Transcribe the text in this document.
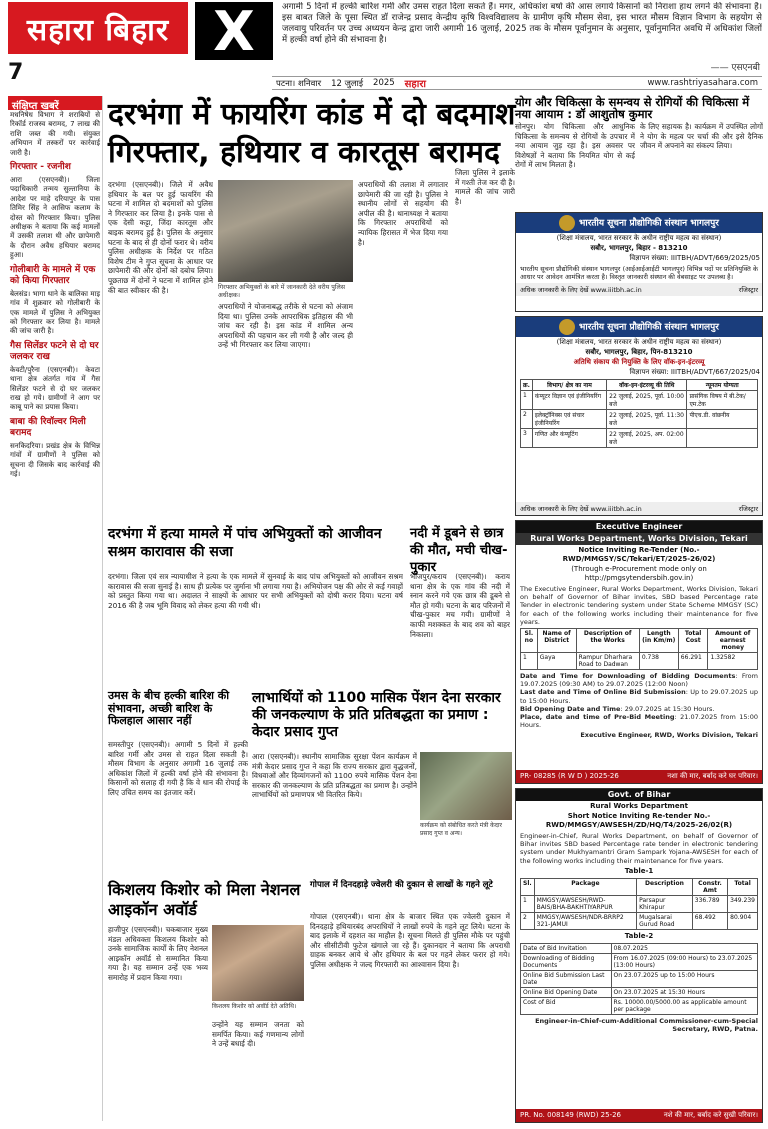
सहारा बिहार
7
X	अगामी 5 दिनों में हल्की बारिश गर्मी और उमस राहत दिला सकते हैं। मगर, अधिकांश बर्षा की आस लगाये किसानों को निराशा हाथ लगने की संभावना है। इस बाबत जिले के पूसा स्थित डॉ राजेन्द्र प्रसाद केन्द्रीय कृषि विश्वविद्यालय के ग्रामीण कृषि मौसम सेवा, इस भारत मौसम विज्ञान विभाग के सहयोग से जलवायु परिवर्तन पर उच्च अध्ययन केन्द्र द्वारा जारी अगामी 16 जुलाई, 2025 तक के मौसम पूर्वानुमान के अनुसार, पूर्वानुमानित अवधि में अधिकांश जिलों में हल्की वर्षा होने की संभावना है।
—— एसएनबी
पटना। शनिवार 12 जुलाई 2025 सहारा	www.rashtriyasahara.com
संक्षिप्त खबरें
मधनिषेध विभाग ने शराबियों से रिकॉर्ड राजस्व बरामद, 7 लाख की राशि जब्त की गयी। संयुक्त अभियान में तस्करों पर कार्रवाई जारी है।
गिरफ्तार - रजनीश
आरा (एसएनबी)। जिला पदाधिकारी तन्मय सुल्तानिया के आदेश पर माहे दरियापुर के पास तिमिर सिंह ने आसिफ कलाम के दोस्त को गिरफ्तार किया। पुलिस अधीक्षक ने बताया कि कई मामलों में उसकी तलाश थी और छापेमारी के दौरान अवैध हथियार बरामद हुआ।
गोलीबारी के मामले में एक को किया गिरफ्तार
बेलसंड। भागा थाने के बालिका माइ गांव में शुक्रवार को गोलीबारी के एक मामले में पुलिस ने अभियुक्त को गिरफ्तार कर लिया है। मामले की जांच जारी है।
गैस सिलेंडर फटने से दो घर जलकर राख
केवटी/पुरैना (एसएनबी)। केवटा थाना क्षेत्र अंतर्गत गांव में गैस सिलेंडर फटने से दो घर जलकर राख हो गये। ग्रामीणों ने आग पर काबू पाने का प्रयास किया।
बाबा की रिवॉल्वर मिली बरामद
सनकिदरिया। प्रखंड क्षेत्र के विभिन्न गांवों में ग्रामीणों ने पुलिस को सूचना दी जिसके बाद कार्रवाई की गई।
दरभंगा में फायरिंग कांड में दो बदमाश गिरफ्तार, हथियार व कारतूस बरामद
दरभंगा (एसएनबी)। जिले में अवैध हथियार के बल पर हुई फायरिंग की घटना में शामिल दो बदमाशों को पुलिस ने गिरफ्तार कर लिया है। इनके पास से एक देसी कट्टा, जिंदा कारतूस और बाइक बरामद हुई है। पुलिस के अनुसार घटना के बाद से ही दोनों फरार थे। वरीय पुलिस अधीक्षक के निर्देश पर गठित विशेष टीम ने गुप्त सूचना के आधार पर छापेमारी की और दोनों को दबोच लिया। पूछताछ में दोनों ने घटना में शामिल होने की बात स्वीकार की है।	गिरफ्तार अभियुक्तों के बारे में जानकारी देते वरीय पुलिस अधीक्षक।
अपराधियों ने योजनाबद्ध तरीके से घटना को अंजाम दिया था। पुलिस उनके आपराधिक इतिहास की भी जांच कर रही है। इस कांड में शामिल अन्य अपराधियों की पहचान कर ली गयी है और जल्द ही उन्हें भी गिरफ्तार कर लिया जाएगा।
अपराधियों की तलाश में लगातार छापेमारी की जा रही है। पुलिस ने स्थानीय लोगों से सहयोग की अपील की है। थानाध्यक्ष ने बताया कि गिरफ्तार अपराधियों को न्यायिक हिरासत में भेज दिया गया है।
जिला पुलिस ने इलाके में गश्ती तेज कर दी है। मामले की जांच जारी है।
योग और चिकित्सा के समन्वय से रोगियों की चिकित्सा में नया आयाम : डॉ आशुतोष कुमार
सोनपुर। योग चिकित्सा और आधुनिक चिकित्सा के समन्वय से रोगियों के उपचार में नया आयाम जुड़ रहा है। इस अवसर पर विशेषज्ञों ने बताया कि नियमित योग से कई रोगों में लाभ मिलता है।
के लिए सहायक है। कार्यक्रम में उपस्थित लोगों ने योग के महत्व पर चर्चा की और इसे दैनिक जीवन में अपनाने का संकल्प लिया।
भारतीय सूचना प्रौद्योगिकी संस्थान भागलपुर
(शिक्षा मंत्रालय, भारत सरकार के अधीन राष्ट्रीय महत्व का संस्थान)
सबौर, भागलपुर, बिहार - 813210
विज्ञापन संख्या: IIITBH/ADVT/669/2025/05
भारतीय सूचना प्रौद्योगिकी संस्थान भागलपुर (आईआईआईटी भागलपुर) विभिन्न पदों पर प्रतिनियुक्ति के आधार पर आवेदन आमंत्रित करता है। विस्तृत जानकारी संस्थान की वेबसाइट पर उपलब्ध है।
अधिक जानकारी के लिए देखें www.iiitbh.ac.in	रजिस्ट्रार
भारतीय सूचना प्रौद्योगिकी संस्थान भागलपुर
(शिक्षा मंत्रालय, भारत सरकार के अधीन राष्ट्रीय महत्व का संस्थान)
सबौर, भागलपुर, बिहार, पिन-813210
अतिथि संकाय की नियुक्ति के लिए वॉक-इन-इंटरव्यू
विज्ञापन संख्या: IIITBH/ADVT/667/2025/04
क्र.	विभाग/ क्षेत्र का नाम	वॉक-इन-इंटरव्यू की तिथि	न्यूनतम योग्यता
1	कंप्यूटर विज्ञान एवं इंजीनियरिंग	22 जुलाई, 2025, पूर्वा. 10:00 बजे	प्रासंगिक विषय में बी.टेक/एम.टेक
2	इलेक्ट्रॉनिक्स एवं संचार इंजीनियरिंग	22 जुलाई, 2025, पूर्वा. 11:30 बजे	पीएच.डी. वांछनीय
3	गणित और कंप्यूटिंग	22 जुलाई, 2025, अप. 02:00 बजे	
अधिक जानकारी के लिए देखें www.iiitbh.ac.in	रजिस्ट्रार
दरभंगा में हत्या मामले में पांच अभियुक्तों को आजीवन सश्रम कारावास की सजा
दरभंगा। जिला एवं सत्र न्यायाधीश ने हत्या के एक मामले में सुनवाई के बाद पांच अभियुक्तों को आजीवन सश्रम कारावास की सजा सुनाई है। साथ ही प्रत्येक पर जुर्माना भी लगाया गया है। अभियोजन पक्ष की ओर से कई गवाहों को प्रस्तुत किया गया था। अदालत ने साक्ष्यों के आधार पर सभी अभियुक्तों को दोषी करार दिया। घटना वर्ष 2016 की है जब भूमि विवाद को लेकर हत्या की गयी थी।
नदी में डूबने से छात्र की मौत, मची चीख-पुकार
भोजपुर/कराय (एसएनबी)। कराय थाना क्षेत्र के एक गांव की नदी में स्नान करने गये एक छात्र की डूबने से मौत हो गयी। घटना के बाद परिजनों में चीख-पुकार मच गयी। ग्रामीणों ने काफी मशक्कत के बाद शव को बाहर निकाला।
उमस के बीच हल्की बारिश की संभावना, अच्छी बारिश के फिलहाल आसार नहीं
समस्तीपुर (एसएनबी)। अगामी 5 दिनों में हल्की बारिश गर्मी और उमस से राहत दिला सकती है। मौसम विभाग के अनुसार अगामी 16 जुलाई तक अधिकांश जिलों में हल्की वर्षा होने की संभावना है। किसानों को सलाह दी गयी है कि वे धान की रोपाई के लिए उचित समय का इंतजार करें।
लाभार्थियों को 1100 मासिक पेंशन देना सरकार की जनकल्याण के प्रति प्रतिबद्धता का प्रमाण : केदार प्रसाद गुप्त
आरा (एसएनबी)। स्थानीय सामाजिक सुरक्षा पेंशन कार्यक्रम में मंत्री केदार प्रसाद गुप्त ने कहा कि राज्य सरकार द्वारा वृद्धजनों, विधवाओं और दिव्यांगजनों को 1100 रुपये मासिक पेंशन देना सरकार की जनकल्याण के प्रति प्रतिबद्धता का प्रमाण है। उन्होंने लाभार्थियों को प्रमाणपत्र भी वितरित किये।
कार्यक्रम को संबोधित करते मंत्री केदार प्रसाद गुप्त व अन्य।
Executive Engineer
Rural Works Department, Works Division, Tekari
Notice Inviting Re-Tender (No.-RWD/MMGSY/SC/Tekari/ET/2025-26/02)
(Through e-Procurement mode only on http://pmgsytendersbih.gov.in)
The Executive Engineer, Rural Works Department, Works Division, Tekari on behalf of Governor of Bihar invites, SBD based Percentage rate Tender in electronic tendering system under State Scheme MMGSY (SC) for each of the following works including their maintenance for five years.
Sl. no	Name of District	Description of the Works	Length (in Km/m)	Total Cost	Amount of earnest money
1	Gaya	Rampur Dharhara Road to Dadwan	0.738	66.291	1.32582
Date and Time for Downloading of Bidding Documents: From 19.07.2025 (09:30 AM) to 29.07.2025 (12:00 Noon)
Last date and Time of Online Bid Submission: Up to 29.07.2025 up to 15:00 Hours.
Bid Opening Date and Time: 29.07.2025 at 15:30 Hours.
Place, date and time of Pre-Bid Meeting: 21.07.2025 from 15:00 Hours.
Executive Engineer, RWD, Works Division, Tekari
PR- 08285 (R W D ) 2025-26	नशा की मार, बर्बाद करे घर परिवार।
Govt. of Bihar
Rural Works Department
Short Notice Inviting Re-tender No.-RWD/MMGSY/AWSESH/ZD/HQ/T4/2025-26/02(R)
Engineer-in-Chief, Rural Works Department, on behalf of Governor of Bihar invites SBD based Percentage rate tender in electronic tendering system under Mukhyamantri Gram Sampark Yojana-AWSESH for each of the following works including their maintenance for five years.
Table-1
Sl.	Package	Description	Constr. Amt	Total
1	MMGSY/AWSESH/RWD-BAIS/BHA-BAKHTIYARPUR	Parsapur Khirapur	336.789	349.239
2	MMGSY/AWSESH/NDR-BRRP2 321-JAMUI	Mugalsarai Gurud Road	68.492	80.904
Table-2
Date of Bid Invitation	08.07.2025
Downloading of Bidding Documents	From 16.07.2025 (09:00 Hours) to 23.07.2025 (13:00 Hours)
Online Bid Submission Last Date	On 23.07.2025 up to 15:00 Hours
Online Bid Opening Date	On 23.07.2025 at 15:30 Hours
Cost of Bid	Rs. 10000.00/5000.00 as applicable amount per package
Engineer-in-Chief-cum-Additional Commissioner-cum-Special Secretary, RWD, Patna.
PR. No. 008149 (RWD) 25-26	नशे की मार, बर्बाद करे सुखी परिवार।
किशलय किशोर को मिला नेशनल आइकॉन अवॉर्ड
हाजीपुर (एसएनबी)। चकबाजार मुख्य मंडल अधिवक्ता किशलय किशोर को उनके सामाजिक कार्यों के लिए नेशनल आइकॉन अवॉर्ड से सम्मानित किया गया है। यह सम्मान उन्हें एक भव्य समारोह में प्रदान किया गया।
किशलय किशोर को अवॉर्ड देते अतिथि।
उन्होंने यह सम्मान जनता को समर्पित किया। कई गणमान्य लोगों ने उन्हें बधाई दी।
गोपाल में दिनदहाड़े ज्वेलरी की दुकान से लाखों के गहने लूटे
गोपाल (एसएनबी)। थाना क्षेत्र के बाजार स्थित एक ज्वेलरी दुकान में दिनदहाड़े हथियारबंद अपराधियों ने लाखों रुपये के गहने लूट लिये। घटना के बाद इलाके में दहशत का माहौल है। सूचना मिलते ही पुलिस मौके पर पहुंची और सीसीटीवी फुटेज खंगाले जा रहे हैं। दुकानदार ने बताया कि अपराधी ग्राहक बनकर आये थे और हथियार के बल पर गहने लेकर फरार हो गये। पुलिस अधीक्षक ने जल्द गिरफ्तारी का आश्वासन दिया है।
